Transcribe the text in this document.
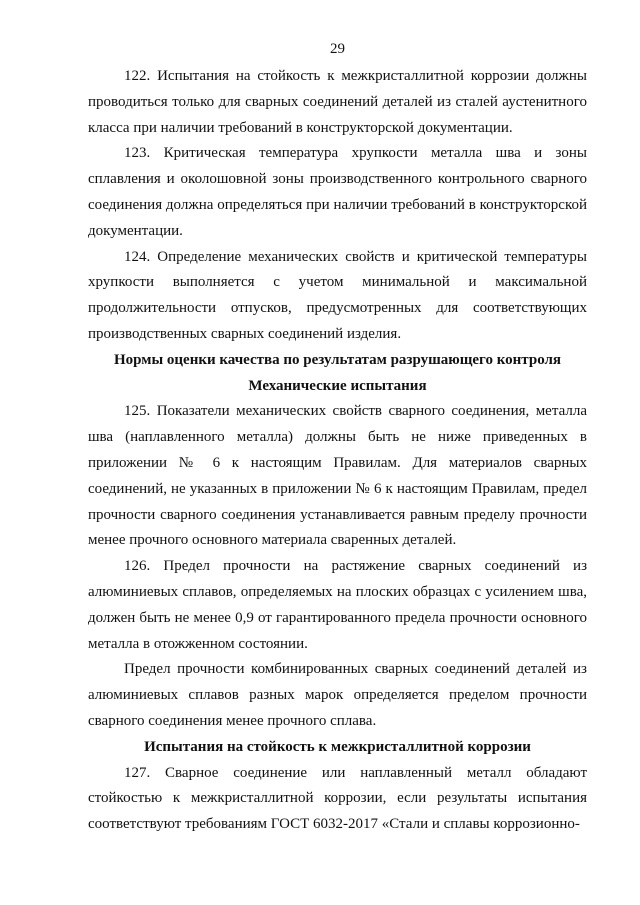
29

122. Испытания на стойкость к межкристаллитной коррозии должны проводиться только для сварных соединений деталей из сталей аустенитного класса при наличии требований в конструкторской документации.

123. Критическая температура хрупкости металла шва и зоны сплавления и околошовной зоны производственного контрольного сварного соединения должна определяться при наличии требований в конструкторской документации.

124. Определение механических свойств и критической температуры хрупкости выполняется с учетом минимальной и максимальной продолжительности отпусков, предусмотренных для соответствующих производственных сварных соединений изделия.

Нормы оценки качества по результатам разрушающего контроля
Механические испытания

125. Показатели механических свойств сварного соединения, металла шва (наплавленного металла) должны быть не ниже приведенных в приложении № 6 к настоящим Правилам. Для материалов сварных соединений, не указанных в приложении № 6 к настоящим Правилам, предел прочности сварного соединения устанавливается равным пределу прочности менее прочного основного материала сваренных деталей.

126. Предел прочности на растяжение сварных соединений из алюминиевых сплавов, определяемых на плоских образцах с усилением шва, должен быть не менее 0,9 от гарантированного предела прочности основного металла в отожженном состоянии.

Предел прочности комбинированных сварных соединений деталей из алюминиевых сплавов разных марок определяется пределом прочности сварного соединения менее прочного сплава.

Испытания на стойкость к межкристаллитной коррозии

127. Сварное соединение или наплавленный металл обладают стойкостью к межкристаллитной коррозии, если результаты испытания соответствуют требованиям ГОСТ 6032-2017 «Стали и сплавы коррозионно-
